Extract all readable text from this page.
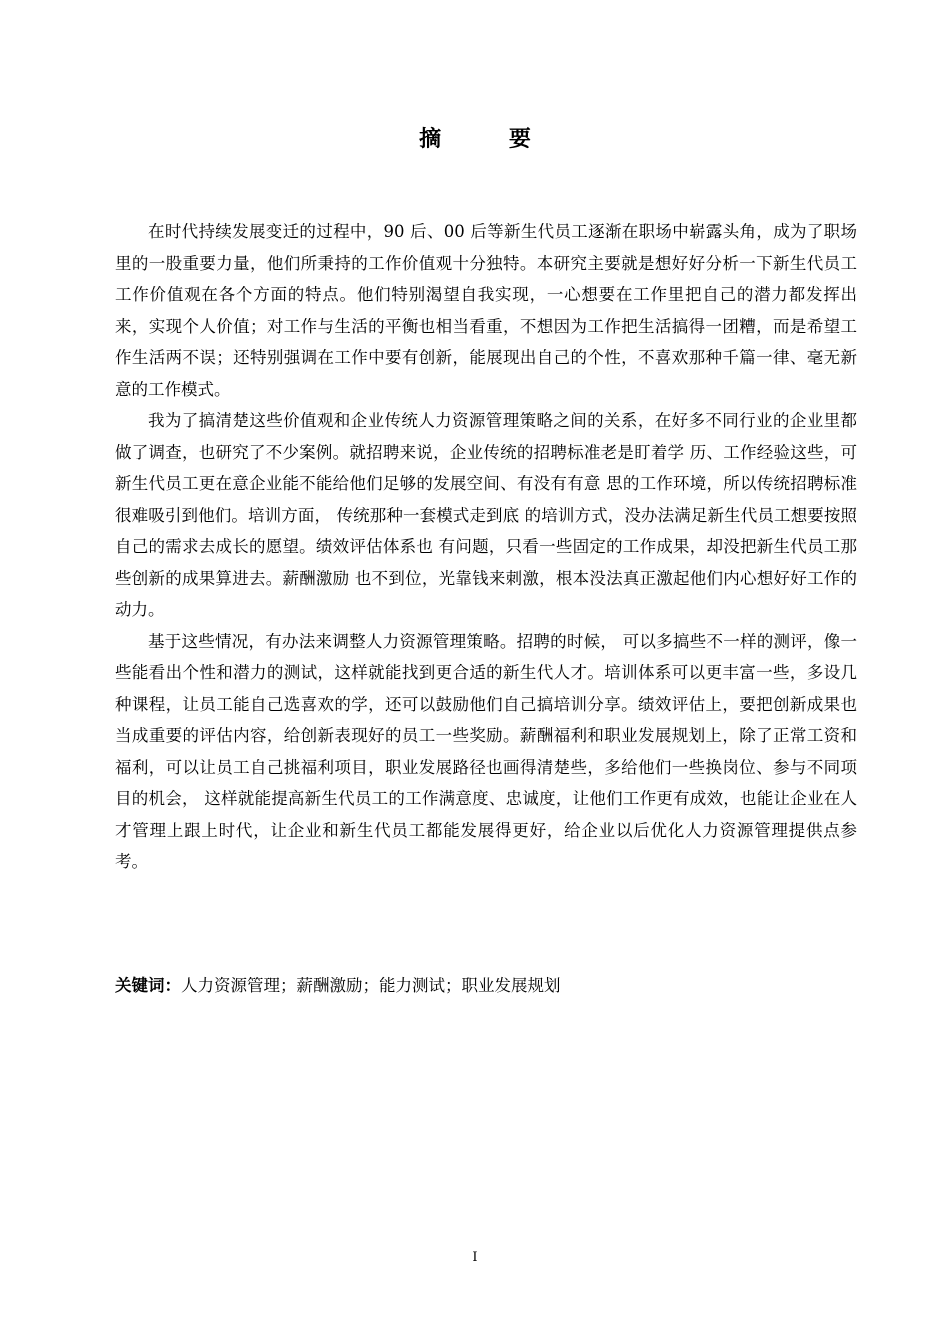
摘 要

在时代持续发展变迁的过程中，90 后、00 后等新生代员工逐渐在职场中崭露头角，成为了职场里的一股重要力量，他们所秉持的工作价值观十分独特。本研究主要就是想好好分析一下新生代员工工作价值观在各个方面的特点。他们特别渴望自我实现，一心想要在工作里把自己的潜力都发挥出来，实现个人价值；对工作与生活的平衡也相当看重，不想因为工作把生活搞得一团糟，而是希望工作生活两不误；还特别强调在工作中要有创新，能展现出自己的个性，不喜欢那种千篇一律、毫无新意的工作模式。

我为了搞清楚这些价值观和企业传统人力资源管理策略之间的关系，在好多不同行业的企业里都做了调查，也研究了不少案例。就招聘来说，企业传统的招聘标准老是盯着学 历、工作经验这些，可新生代员工更在意企业能不能给他们足够的发展空间、有没有有意 思的工作环境，所以传统招聘标准很难吸引到他们。培训方面， 传统那种一套模式走到底 的培训方式，没办法满足新生代员工想要按照自己的需求去成长的愿望。绩效评估体系也 有问题，只看一些固定的工作成果，却没把新生代员工那些创新的成果算进去。薪酬激励 也不到位，光靠钱来刺激，根本没法真正激起他们内心想好好工作的动力。

基于这些情况，有办法来调整人力资源管理策略。招聘的时候， 可以多搞些不一样的测评，像一些能看出个性和潜力的测试，这样就能找到更合适的新生代人才。培训体系可以更丰富一些，多设几种课程，让员工能自己选喜欢的学，还可以鼓励他们自己搞培训分享。绩效评估上，要把创新成果也当成重要的评估内容，给创新表现好的员工一些奖励。薪酬福利和职业发展规划上，除了正常工资和福利，可以让员工自己挑福利项目，职业发展路径也画得清楚些，多给他们一些换岗位、参与不同项目的机会， 这样就能提高新生代员工的工作满意度、忠诚度，让他们工作更有成效，也能让企业在人才管理上跟上时代，让企业和新生代员工都能发展得更好，给企业以后优化人力资源管理提供点参考。

关键词：人力资源管理；薪酬激励；能力测试；职业发展规划
I
